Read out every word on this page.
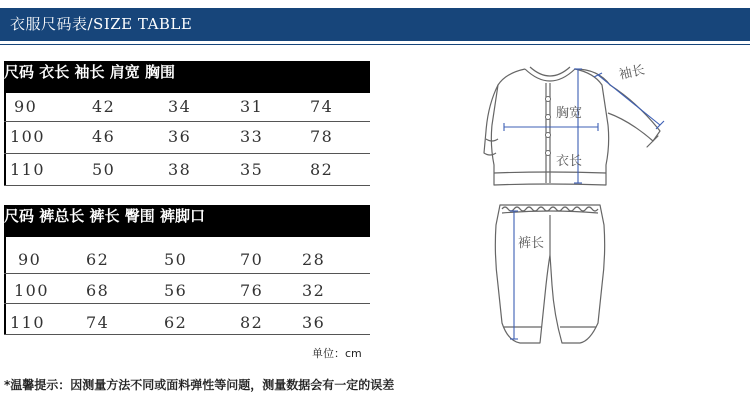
衣服尺码表/SIZE TABLE
尺码 衣长 袖长 肩宽 胸围
90	42	34	31	74
100	46	36	33	78
110	50	38	35	82
尺码 裤总长 裤长 臀围 裤脚口
90	62	50	70 28
100 68	56	76 32
110	74	62	82 36
单位：cm
*温馨提示：因测量方法不同或面料弹性等问题，测量数据会有一定的误差
袖长
胸宽
衣长
裤长
